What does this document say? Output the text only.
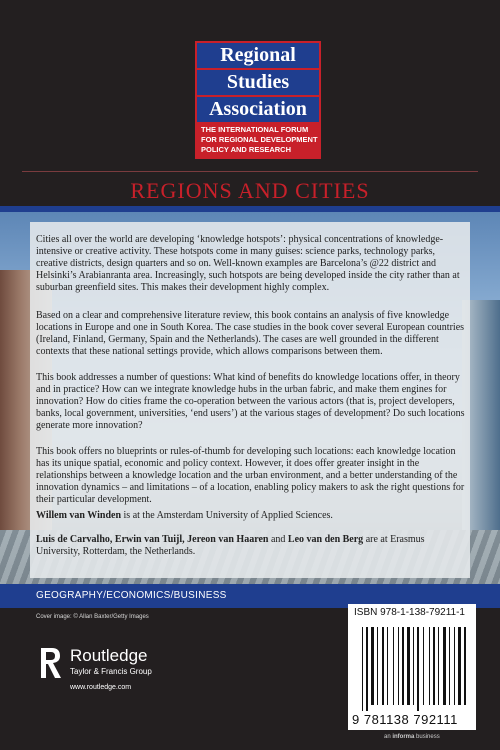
Regional
Studies
Association
THE INTERNATIONAL FORUM
FOR REGIONAL DEVELOPMENT
POLICY AND RESEARCH
REGIONS AND CITIES

Cities all over the world are developing ‘knowledge hotspots’: physical concentrations of knowledge-intensive or creative activity. These hotspots come in many guises: science parks, technology parks, creative districts, design quarters and so on. Well-known examples are Barcelona’s @22 district and Helsinki’s Arabianranta area. Increasingly, such hotspots are being developed inside the city rather than at suburban greenfield sites. This makes their development highly complex.

Based on a clear and comprehensive literature review, this book contains an analysis of five knowledge locations in Europe and one in South Korea. The case studies in the book cover several European countries (Ireland, Finland, Germany, Spain and the Netherlands). The cases are well grounded in the different contexts that these national settings provide, which allows comparisons between them.

This book addresses a number of questions: What kind of benefits do knowledge locations offer, in theory and in practice? How can we integrate knowledge hubs in the urban fabric, and make them engines for innovation? How do cities frame the co-operation between the various actors (that is, project developers, banks, local government, universities, ‘end users’) at the various stages of development? Do such locations generate more innovation?

This book offers no blueprints or rules-of-thumb for developing such locations: each knowledge location has its unique spatial, economic and policy context. However, it does offer greater insight in the relationships between a knowledge location and the urban environment, and a better understanding of the innovation dynamics – and limitations – of a location, enabling policy makers to ask the right questions for their particular development.

Willem van Winden is at the Amsterdam University of Applied Sciences.

Luis de Carvalho, Erwin van Tuijl, Jereon van Haaren and Leo van den Berg are at Erasmus University, Rotterdam, the Netherlands.

GEOGRAPHY/ECONOMICS/BUSINESS
Cover image: © Allan Baxter/Getty Images
Routledge
Taylor & Francis Group
www.routledge.com
ISBN 978-1-138-79211-1
9 781138 792111
an informa business
